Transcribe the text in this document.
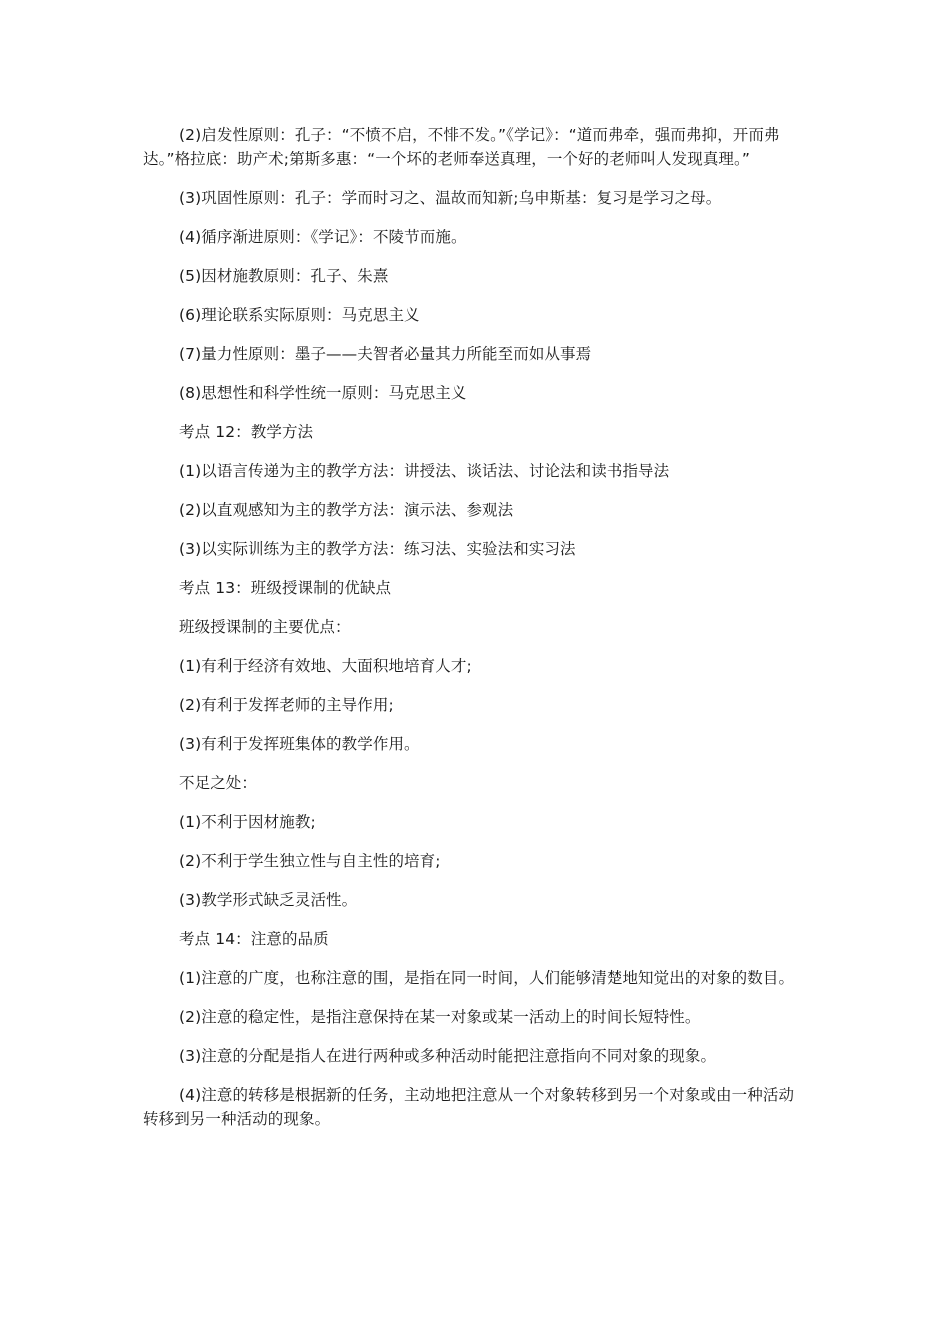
(2)启发性原则：孔子：“不愤不启，不悱不发。”《学记》：“道而弗牵，强而弗抑，开而弗达。”格拉底：助产术;第斯多惠：“一个坏的老师奉送真理，一个好的老师叫人发现真理。”

(3)巩固性原则：孔子：学而时习之、温故而知新;乌申斯基：复习是学习之母。

(4)循序渐进原则：《学记》：不陵节而施。

(5)因材施教原则：孔子、朱熹

(6)理论联系实际原则：马克思主义

(7)量力性原则：墨子——夫智者必量其力所能至而如从事焉

(8)思想性和科学性统一原则：马克思主义

考点 12：教学方法

(1)以语言传递为主的教学方法：讲授法、谈话法、讨论法和读书指导法

(2)以直观感知为主的教学方法：演示法、参观法

(3)以实际训练为主的教学方法：练习法、实验法和实习法

考点 13：班级授课制的优缺点

班级授课制的主要优点：

(1)有利于经济有效地、大面积地培育人才;

(2)有利于发挥老师的主导作用;

(3)有利于发挥班集体的教学作用。

不足之处：

(1)不利于因材施教;

(2)不利于学生独立性与自主性的培育;

(3)教学形式缺乏灵活性。

考点 14：注意的品质

(1)注意的广度，也称注意的围，是指在同一时间，人们能够清楚地知觉出的对象的数目。

(2)注意的稳定性，是指注意保持在某一对象或某一活动上的时间长短特性。

(3)注意的分配是指人在进行两种或多种活动时能把注意指向不同对象的现象。

(4)注意的转移是根据新的任务，主动地把注意从一个对象转移到另一个对象或由一种活动转移到另一种活动的现象。
